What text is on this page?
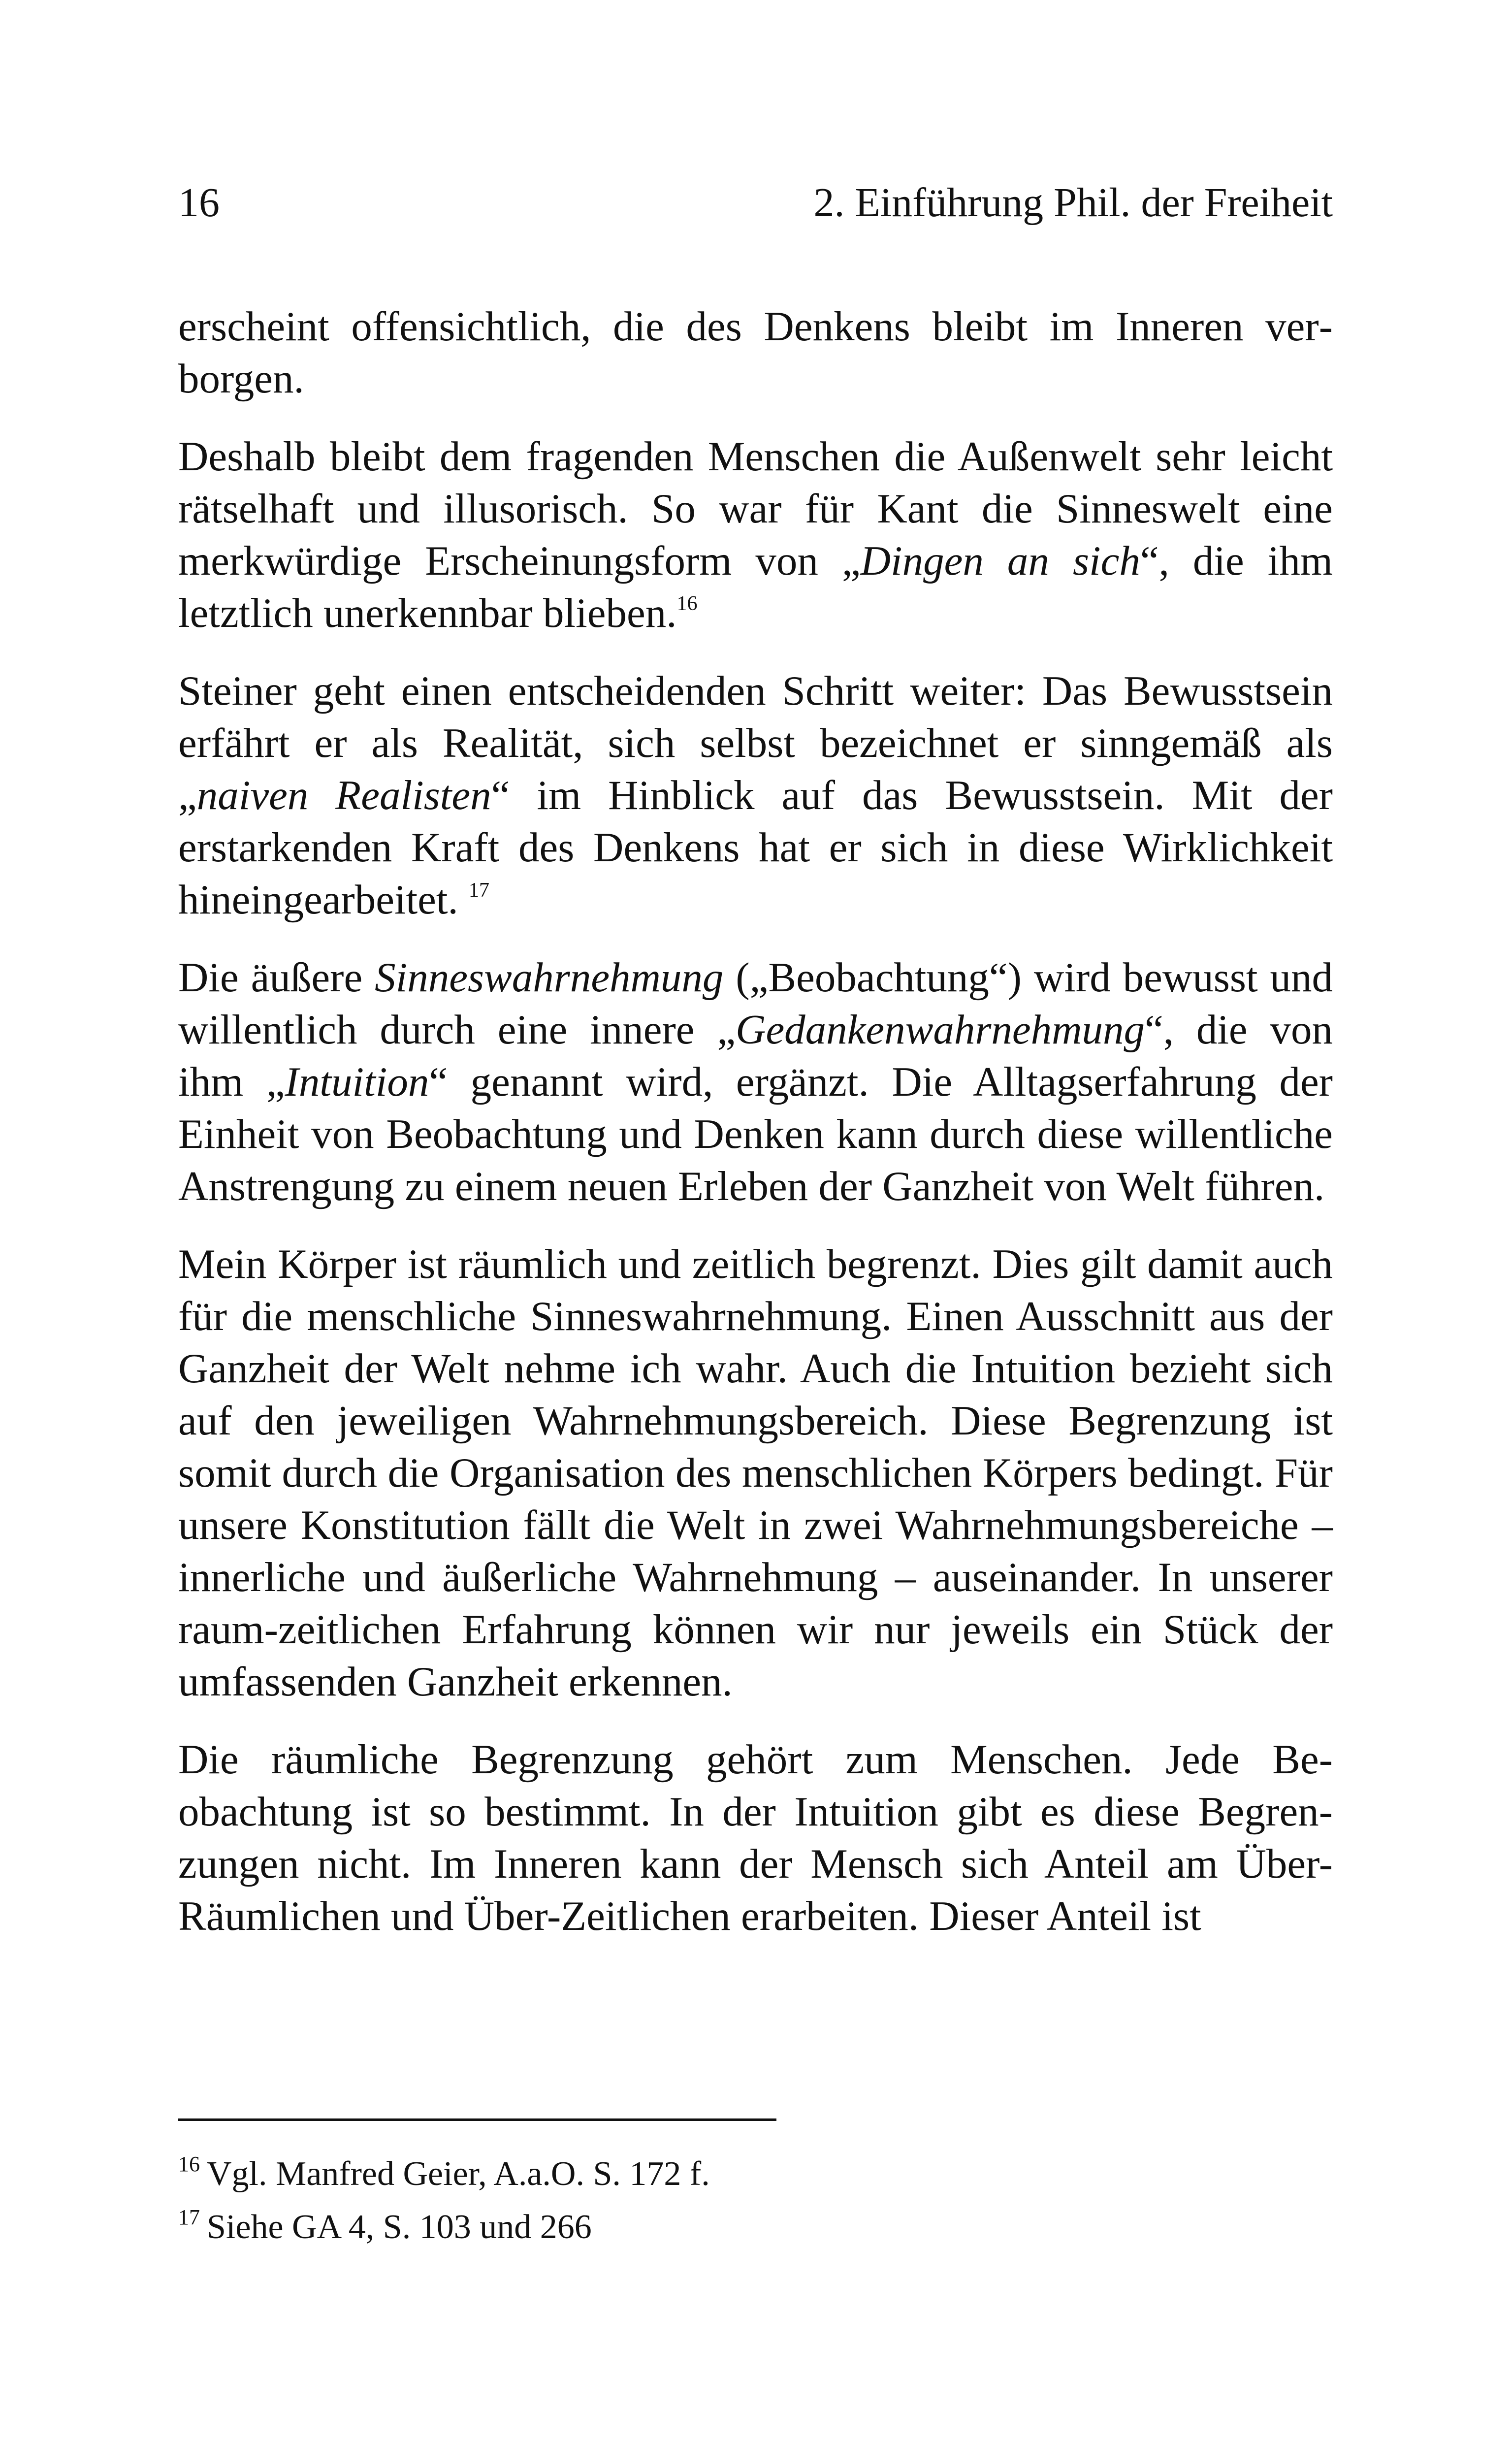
16	2. Einführung Phil. der Freiheit

erscheint offensichtlich, die des Denkens bleibt im Inneren verborgen.

Deshalb bleibt dem fragenden Menschen die Außenwelt sehr leicht rätselhaft und illusorisch. So war für Kant die Sinneswelt eine merkwürdige Erscheinungsform von „Dingen an sich“, die ihm letztlich unerkennbar blieben.$^{16}$

Steiner geht einen entscheidenden Schritt weiter: Das Bewusstsein erfährt er als Realität, sich selbst bezeichnet er sinngemäß als „naiven Realisten“ im Hinblick auf das Bewusstsein. Mit der erstarkenden Kraft des Denkens hat er sich in diese Wirklichkeit hineingearbeitet. $^{17}$

Die äußere Sinneswahrnehmung („Beobachtung“) wird bewusst und willentlich durch eine innere „Gedankenwahrnehmung“, die von ihm „Intuition“ genannt wird, ergänzt. Die Alltagserfahrung der Einheit von Beobachtung und Denken kann durch diese willentliche Anstrengung zu einem neuen Erleben der Ganzheit von Welt führen.

Mein Körper ist räumlich und zeitlich begrenzt. Dies gilt damit auch für die menschliche Sinneswahrnehmung. Einen Ausschnitt aus der Ganzheit der Welt nehme ich wahr. Auch die Intuition bezieht sich auf den jeweiligen Wahrnehmungsbereich. Diese Begrenzung ist somit durch die Organisation des menschlichen Körpers bedingt. Für unsere Konstitution fällt die Welt in zwei Wahrnehmungsbereiche – innerliche und äußerliche Wahrnehmung – auseinander. In unserer raum-zeitlichen Erfahrung können wir nur jeweils ein Stück der umfassenden Ganzheit erkennen.

Die räumliche Begrenzung gehört zum Menschen. Jede Beobachtung ist so bestimmt. In der Intuition gibt es diese Begrenzungen nicht. Im Inneren kann der Mensch sich Anteil am Über-Räumlichen und Über-Zeitlichen erarbeiten. Dieser Anteil ist

$^{16}$ Vgl. Manfred Geier, A.a.O. S. 172 f.
$^{17}$ Siehe GA 4, S. 103 und 266
